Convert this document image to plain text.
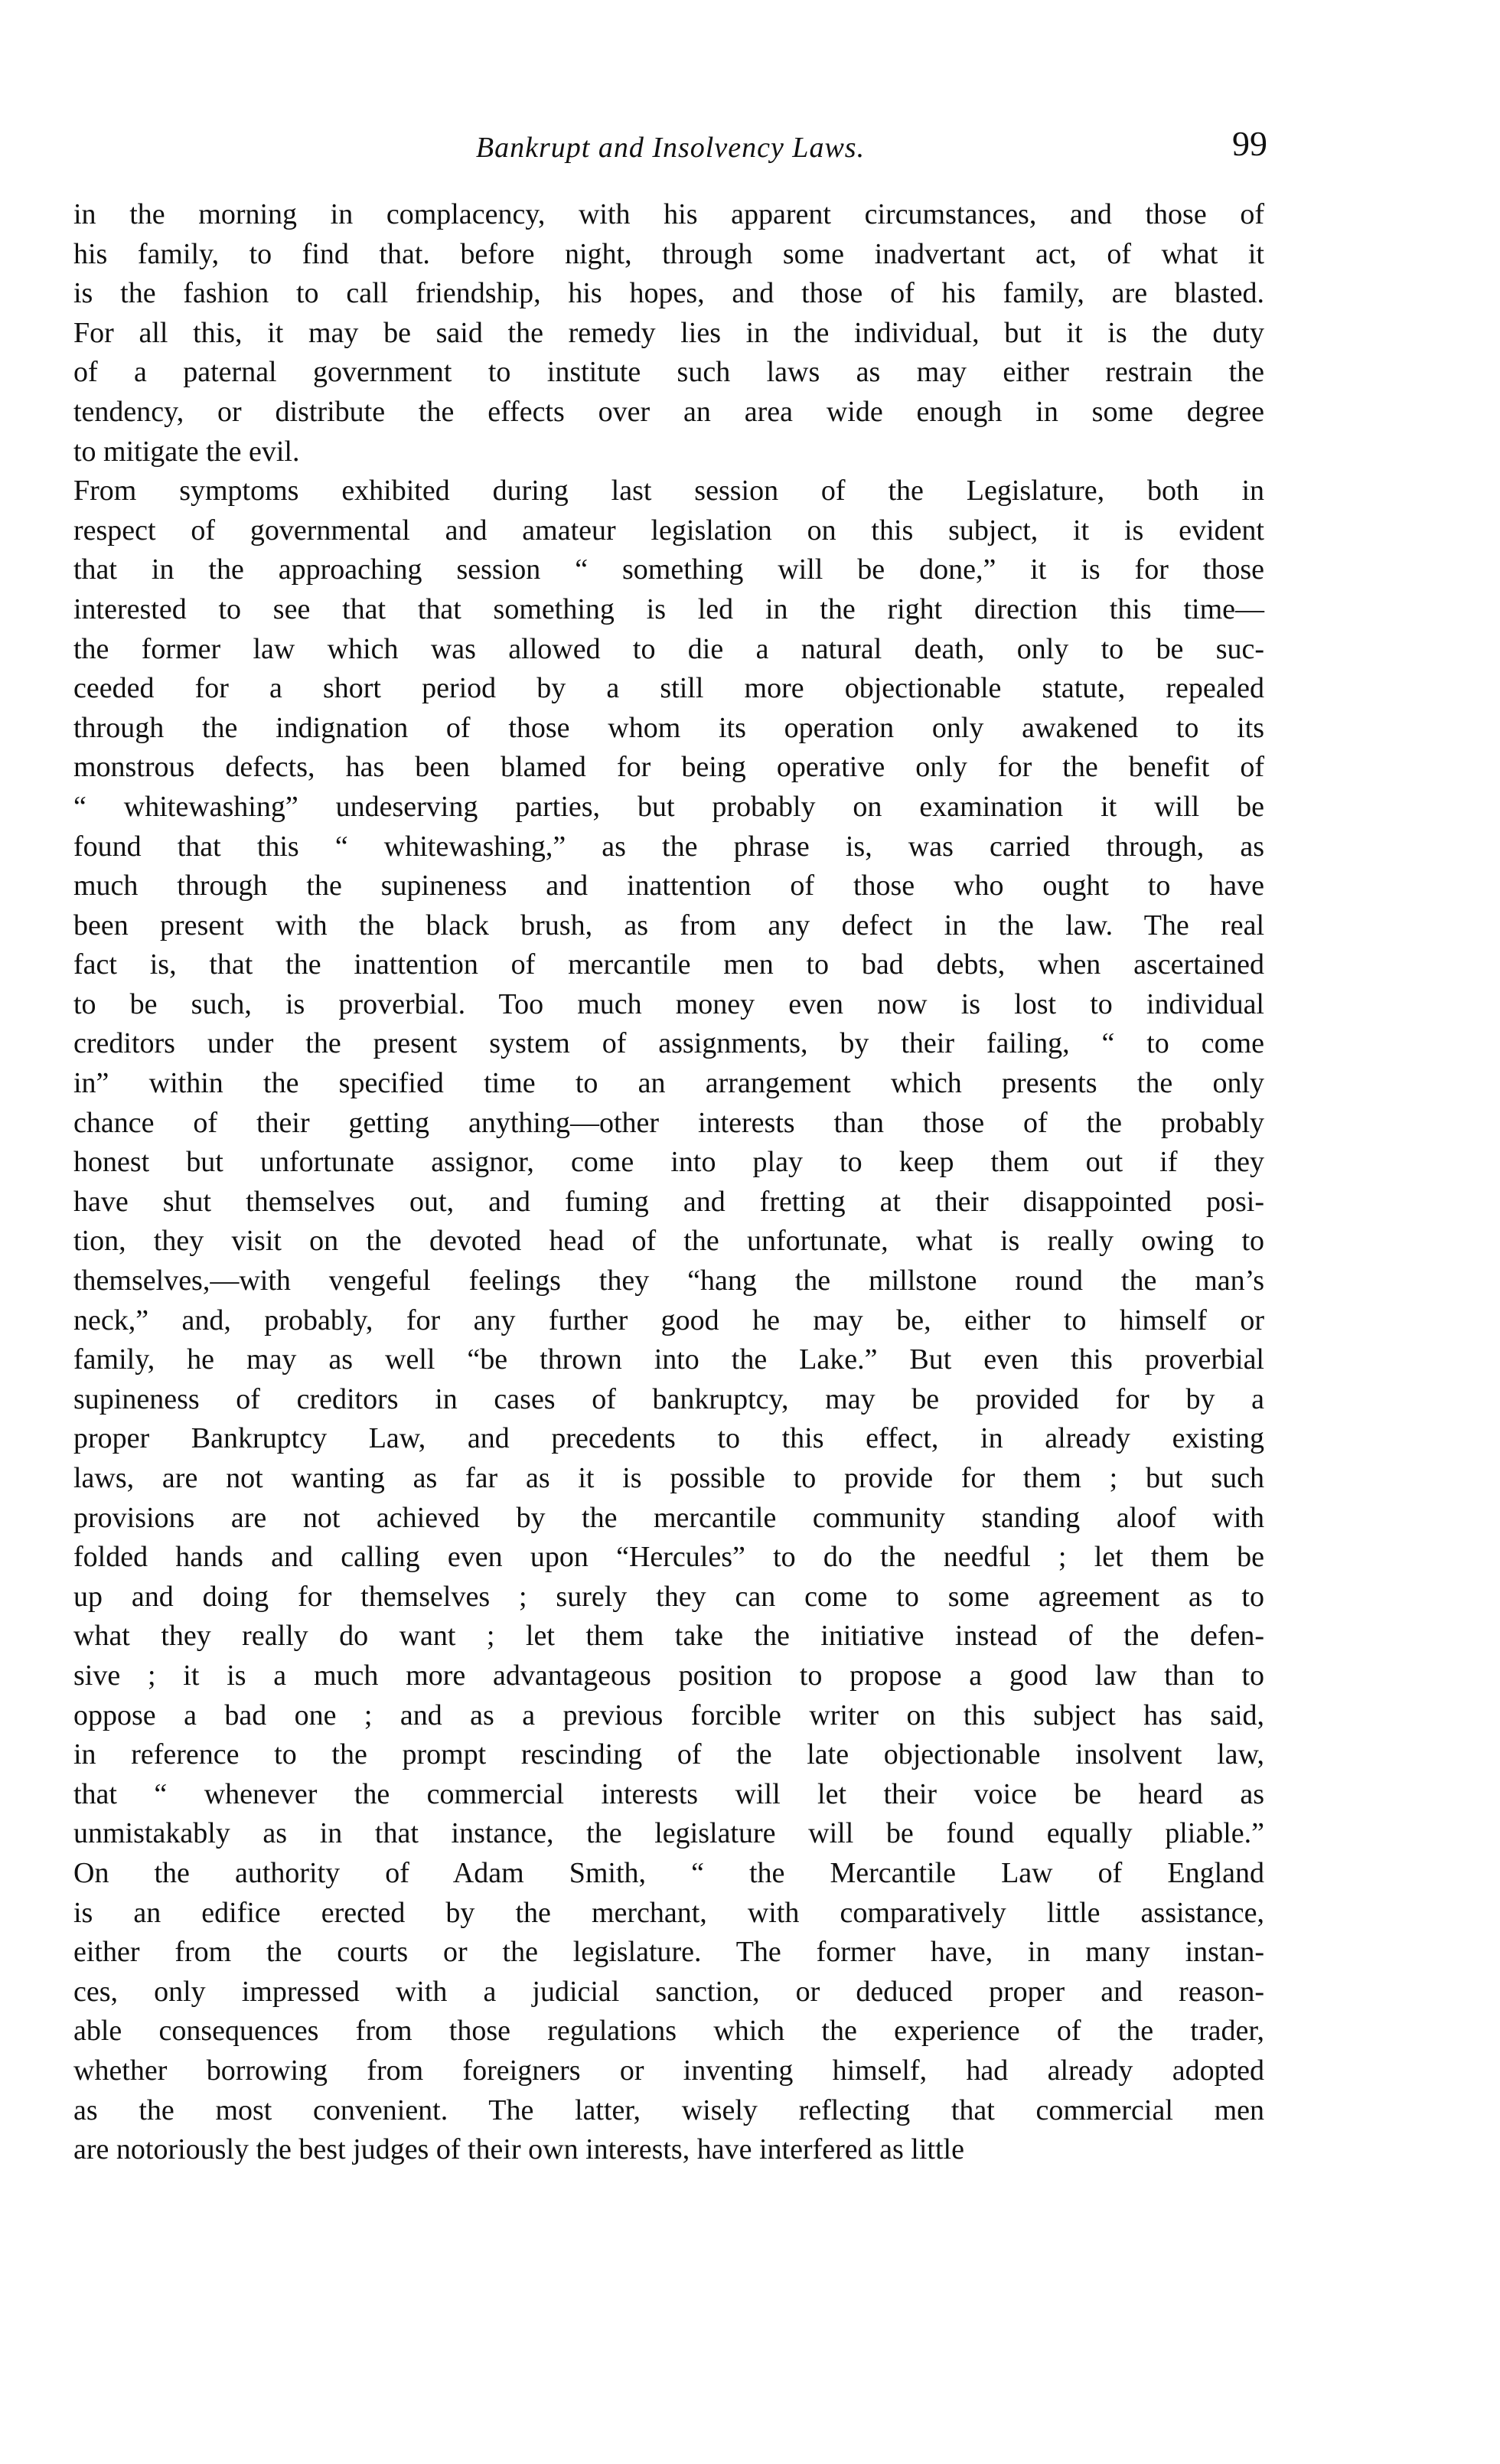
Bankrupt and Insolvency Laws.	99
in the morning in complacency, with his apparent circumstances, and those of
his family, to find that. before night, through some inadvertant act, of what it
is the fashion to call friendship, his hopes, and those of his family, are blasted.
For all this, it may be said the remedy lies in the individual, but it is the duty
of a paternal government to institute such laws as may either restrain the
tendency, or distribute the effects over an area wide enough in some degree
to mitigate the evil.
From symptoms exhibited during last session of the Legislature, both in
respect of governmental and amateur legislation on this subject, it is evident
that in the approaching session “ something will be done,” it is for those
interested to see that that something is led in the right direction this time—
the former law which was allowed to die a natural death, only to be suc-
ceeded for a short period by a still more objectionable statute, repealed
through the indignation of those whom its operation only awakened to its
monstrous defects, has been blamed for being operative only for the benefit of
“ whitewashing” undeserving parties, but probably on examination it will be
found that this “ whitewashing,” as the phrase is, was carried through, as
much through the supineness and inattention of those who ought to have
been present with the black brush, as from any defect in the law. The real
fact is, that the inattention of mercantile men to bad debts, when ascertained
to be such, is proverbial. Too much money even now is lost to individual
creditors under the present system of assignments, by their failing, “ to come
in” within the specified time to an arrangement which presents the only
chance of their getting anything—other interests than those of the probably
honest but unfortunate assignor, come into play to keep them out if they
have shut themselves out, and fuming and fretting at their disappointed posi-
tion, they visit on the devoted head of the unfortunate, what is really owing to
themselves,—with vengeful feelings they “hang the millstone round the man’s
neck,” and, probably, for any further good he may be, either to himself or
family, he may as well “be thrown into the Lake.” But even this proverbial
supineness of creditors in cases of bankruptcy, may be provided for by a
proper Bankruptcy Law, and precedents to this effect, in already existing
laws, are not wanting as far as it is possible to provide for them ; but such
provisions are not achieved by the mercantile community standing aloof with
folded hands and calling even upon “Hercules” to do the needful ; let them be
up and doing for themselves ; surely they can come to some agreement as to
what they really do want ; let them take the initiative instead of the defen-
sive ; it is a much more advantageous position to propose a good law than to
oppose a bad one ; and as a previous forcible writer on this subject has said,
in reference to the prompt rescinding of the late objectionable insolvent law,
that “ whenever the commercial interests will let their voice be heard as
unmistakably as in that instance, the legislature will be found equally pliable.”
On the authority of Adam Smith, “ the Mercantile Law of England
is an edifice erected by the merchant, with comparatively little assistance,
either from the courts or the legislature. The former have, in many instan-
ces, only impressed with a judicial sanction, or deduced proper and reason-
able consequences from those regulations which the experience of the trader,
whether borrowing from foreigners or inventing himself, had already adopted
as the most convenient. The latter, wisely reflecting that commercial men
are notoriously the best judges of their own interests, have interfered as little
